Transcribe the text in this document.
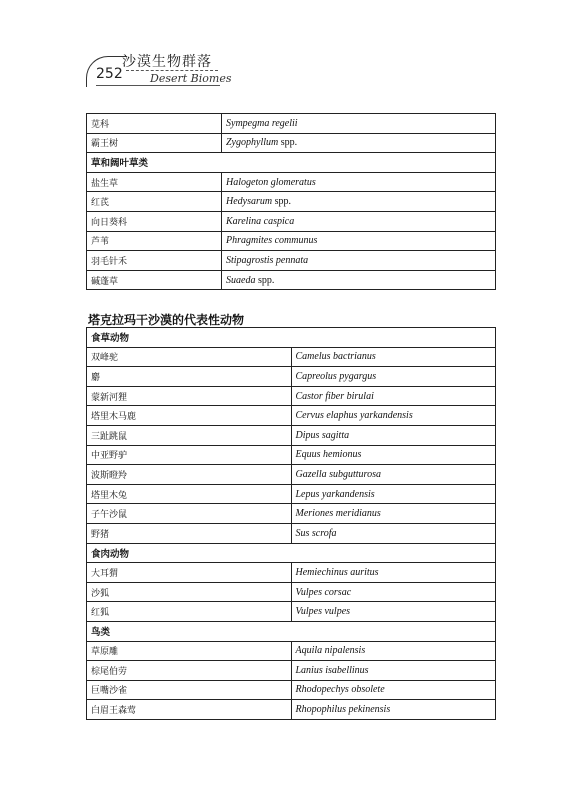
252
沙漠生物群落
Desert Biomes
苋科	Sympegma regelii
霸王树	Zygophyllum spp.
草和阔叶草类	
盐生草	Halogeton glomeratus
红芪	Hedysarum spp.
向日葵科	Karelina caspica
芦苇	Phragmites communus
羽毛针禾	Stipagrostis pennata
碱蓬草	Suaeda spp.
塔克拉玛干沙漠的代表性动物
食草动物	
双峰驼	Camelus bactrianus
麝	Capreolus pygargus
蒙新河狸	Castor fiber birulai
塔里木马鹿	Cervus elaphus yarkandensis
三趾跳鼠	Dipus sagitta
中亚野驴	Equus hemionus
波斯瞪羚	Gazella subgutturosa
塔里木兔	Lepus yarkandensis
子午沙鼠	Meriones meridianus
野猪	Sus scrofa
食肉动物	
大耳猬	Hemiechinus auritus
沙狐	Vulpes corsac
红狐	Vulpes vulpes
鸟类	
草原雕	Aquila nipalensis
棕尾伯劳	Lanius isabellinus
巨嘴沙雀	Rhodopechys obsolete
白眉王森莺	Rhopophilus pekinensis
